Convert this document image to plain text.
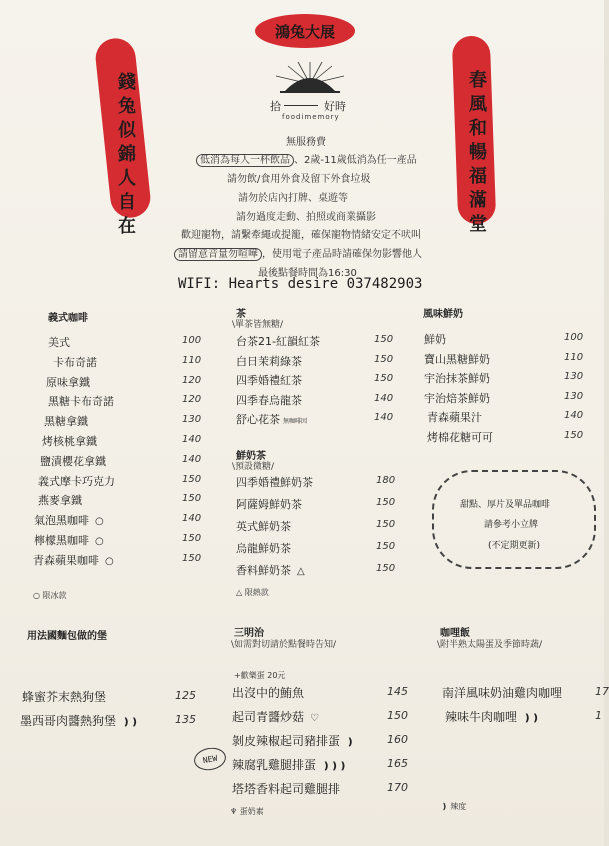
錢兔似錦人自在	春風和暢福滿堂
鴻兔大展
拾	好時
foodimemory
無服務費
低消為每人一杯飲品 、2歲-11歲低消為任一產品
請勿飲/食用外食及留下外食垃圾
請勿於店內打牌、桌遊等
請勿過度走動、拍照或商業攝影
歡迎寵物，請繫牽繩或提籠，確保寵物情緒安定不吠叫
請留意音量勿喧嘩 ，使用電子產品時請確保勿影響他人
最後點餐時間為16:30
WIFI: Hearts desire 037482903
義式咖啡
美式	100
卡布奇諾	110
原味拿鐵	120
黑糖卡布奇諾	120
黑糖拿鐵	130
烤核桃拿鐵	140
鹽漬櫻花拿鐵	140
義式摩卡巧克力	150
燕麥拿鐵	150
氣泡黑咖啡 ○	140
檸檬黑咖啡 ○	150
青森蘋果咖啡 ○	150
○ 限冰款
茶
\單茶皆無糖/
台茶21-紅韻紅茶	150
白日茉莉綠茶	150
四季婚禮紅茶	150
四季春烏龍茶	140
舒心花茶 無咖啡因	140
鮮奶茶
\預設微糖/
四季婚禮鮮奶茶	180
阿薩姆鮮奶茶	150
英式鮮奶茶	150
烏龍鮮奶茶	150
香料鮮奶茶 △	150
△ 限熱款
風味鮮奶
鮮奶	100
寶山黑糖鮮奶	110
宇治抹茶鮮奶	130
宇治焙茶鮮奶	130
青森蘋果汁	140
烤棉花糖可可	150
甜點、厚片及單品咖啡
請參考小立牌
(不定期更新)
用法國麵包做的堡
蜂蜜芥末熱狗堡	125
墨西哥肉醬熱狗堡 ❫❫	135
三明治
\如需對切請於點餐時告知/
+歡樂蛋 20元
出沒中的鮪魚	145
起司青醬炒菇 ♡	150
剝皮辣椒起司豬排蛋 ❫	160
辣腐乳雞腿排蛋 ❫❫❫	165
塔塔香料起司雞腿排	170
NEW
♆ 蛋奶素
咖哩飯
\附半熟太陽蛋及季節時蔬/
南洋風味奶油雞肉咖哩	17
辣味牛肉咖哩 ❫❫	1
❫ 辣度
